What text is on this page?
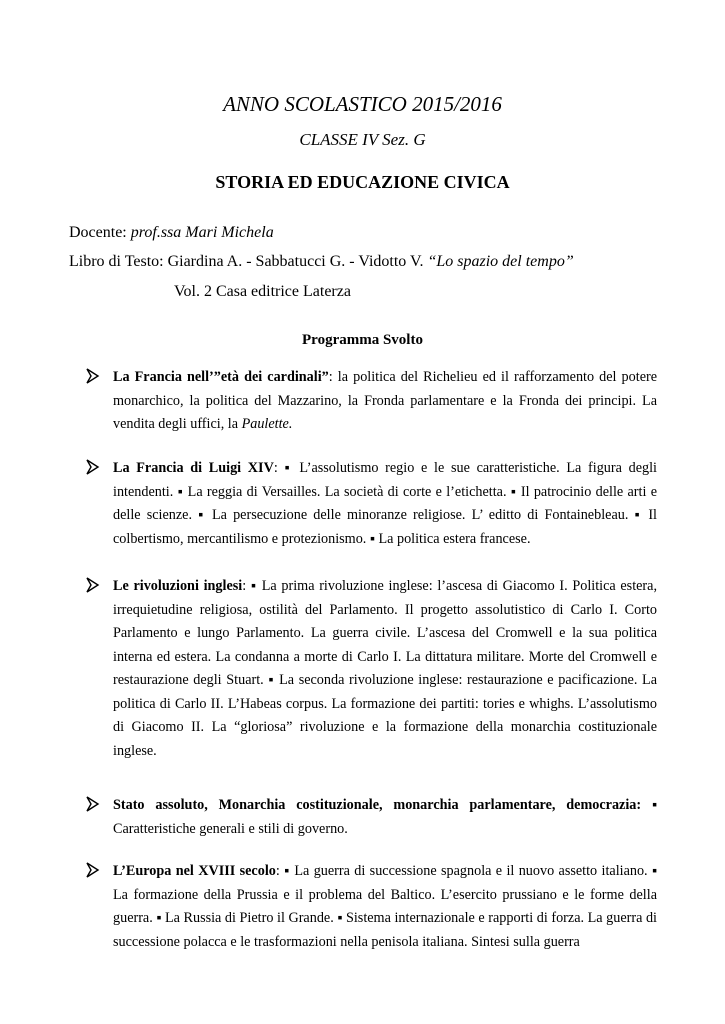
ANNO SCOLASTICO 2015/2016
CLASSE IV Sez. G
STORIA ED EDUCAZIONE CIVICA
Docente: prof.ssa Mari Michela
Libro di Testo: Giardina A. - Sabbatucci G. - Vidotto V. “Lo spazio del tempo”
Vol. 2 Casa editrice Laterza
Programma Svolto
La Francia nell’”età dei cardinali”: la politica del Richelieu ed il rafforzamento del potere monarchico, la politica del Mazzarino, la Fronda parlamentare e la Fronda dei principi. La vendita degli uffici, la Paulette.
La Francia di Luigi XIV: ▪ L’assolutismo regio e le sue caratteristiche. La figura degli intendenti. ▪ La reggia di Versailles. La società di corte e l’etichetta. ▪ Il patrocinio delle arti e delle scienze. ▪ La persecuzione delle minoranze religiose. L’ editto di Fontainebleau. ▪ Il colbertismo, mercantilismo e protezionismo. ▪ La politica estera francese.
Le rivoluzioni inglesi: ▪ La prima rivoluzione inglese: l’ascesa di Giacomo I. Politica estera, irrequietudine religiosa, ostilità del Parlamento. Il progetto assolutistico di Carlo I. Corto Parlamento e lungo Parlamento. La guerra civile. L’ascesa del Cromwell e la sua politica interna ed estera. La condanna a morte di Carlo I. La dittatura militare. Morte del Cromwell e restaurazione degli Stuart. ▪ La seconda rivoluzione inglese: restaurazione e pacificazione. La politica di Carlo II. L’Habeas corpus. La formazione dei partiti: tories e whighs. L’assolutismo di Giacomo II. La “gloriosa” rivoluzione e la formazione della monarchia costituzionale inglese.
Stato assoluto, Monarchia costituzionale, monarchia parlamentare, democrazia: ▪ Caratteristiche generali e stili di governo.
L’Europa nel XVIII secolo: ▪ La guerra di successione spagnola e il nuovo assetto italiano. ▪ La formazione della Prussia e il problema del Baltico. L’esercito prussiano e le forme della guerra. ▪ La Russia di Pietro il Grande. ▪ Sistema internazionale e rapporti di forza. La guerra di successione polacca e le trasformazioni nella penisola italiana. Sintesi sulla guerra
